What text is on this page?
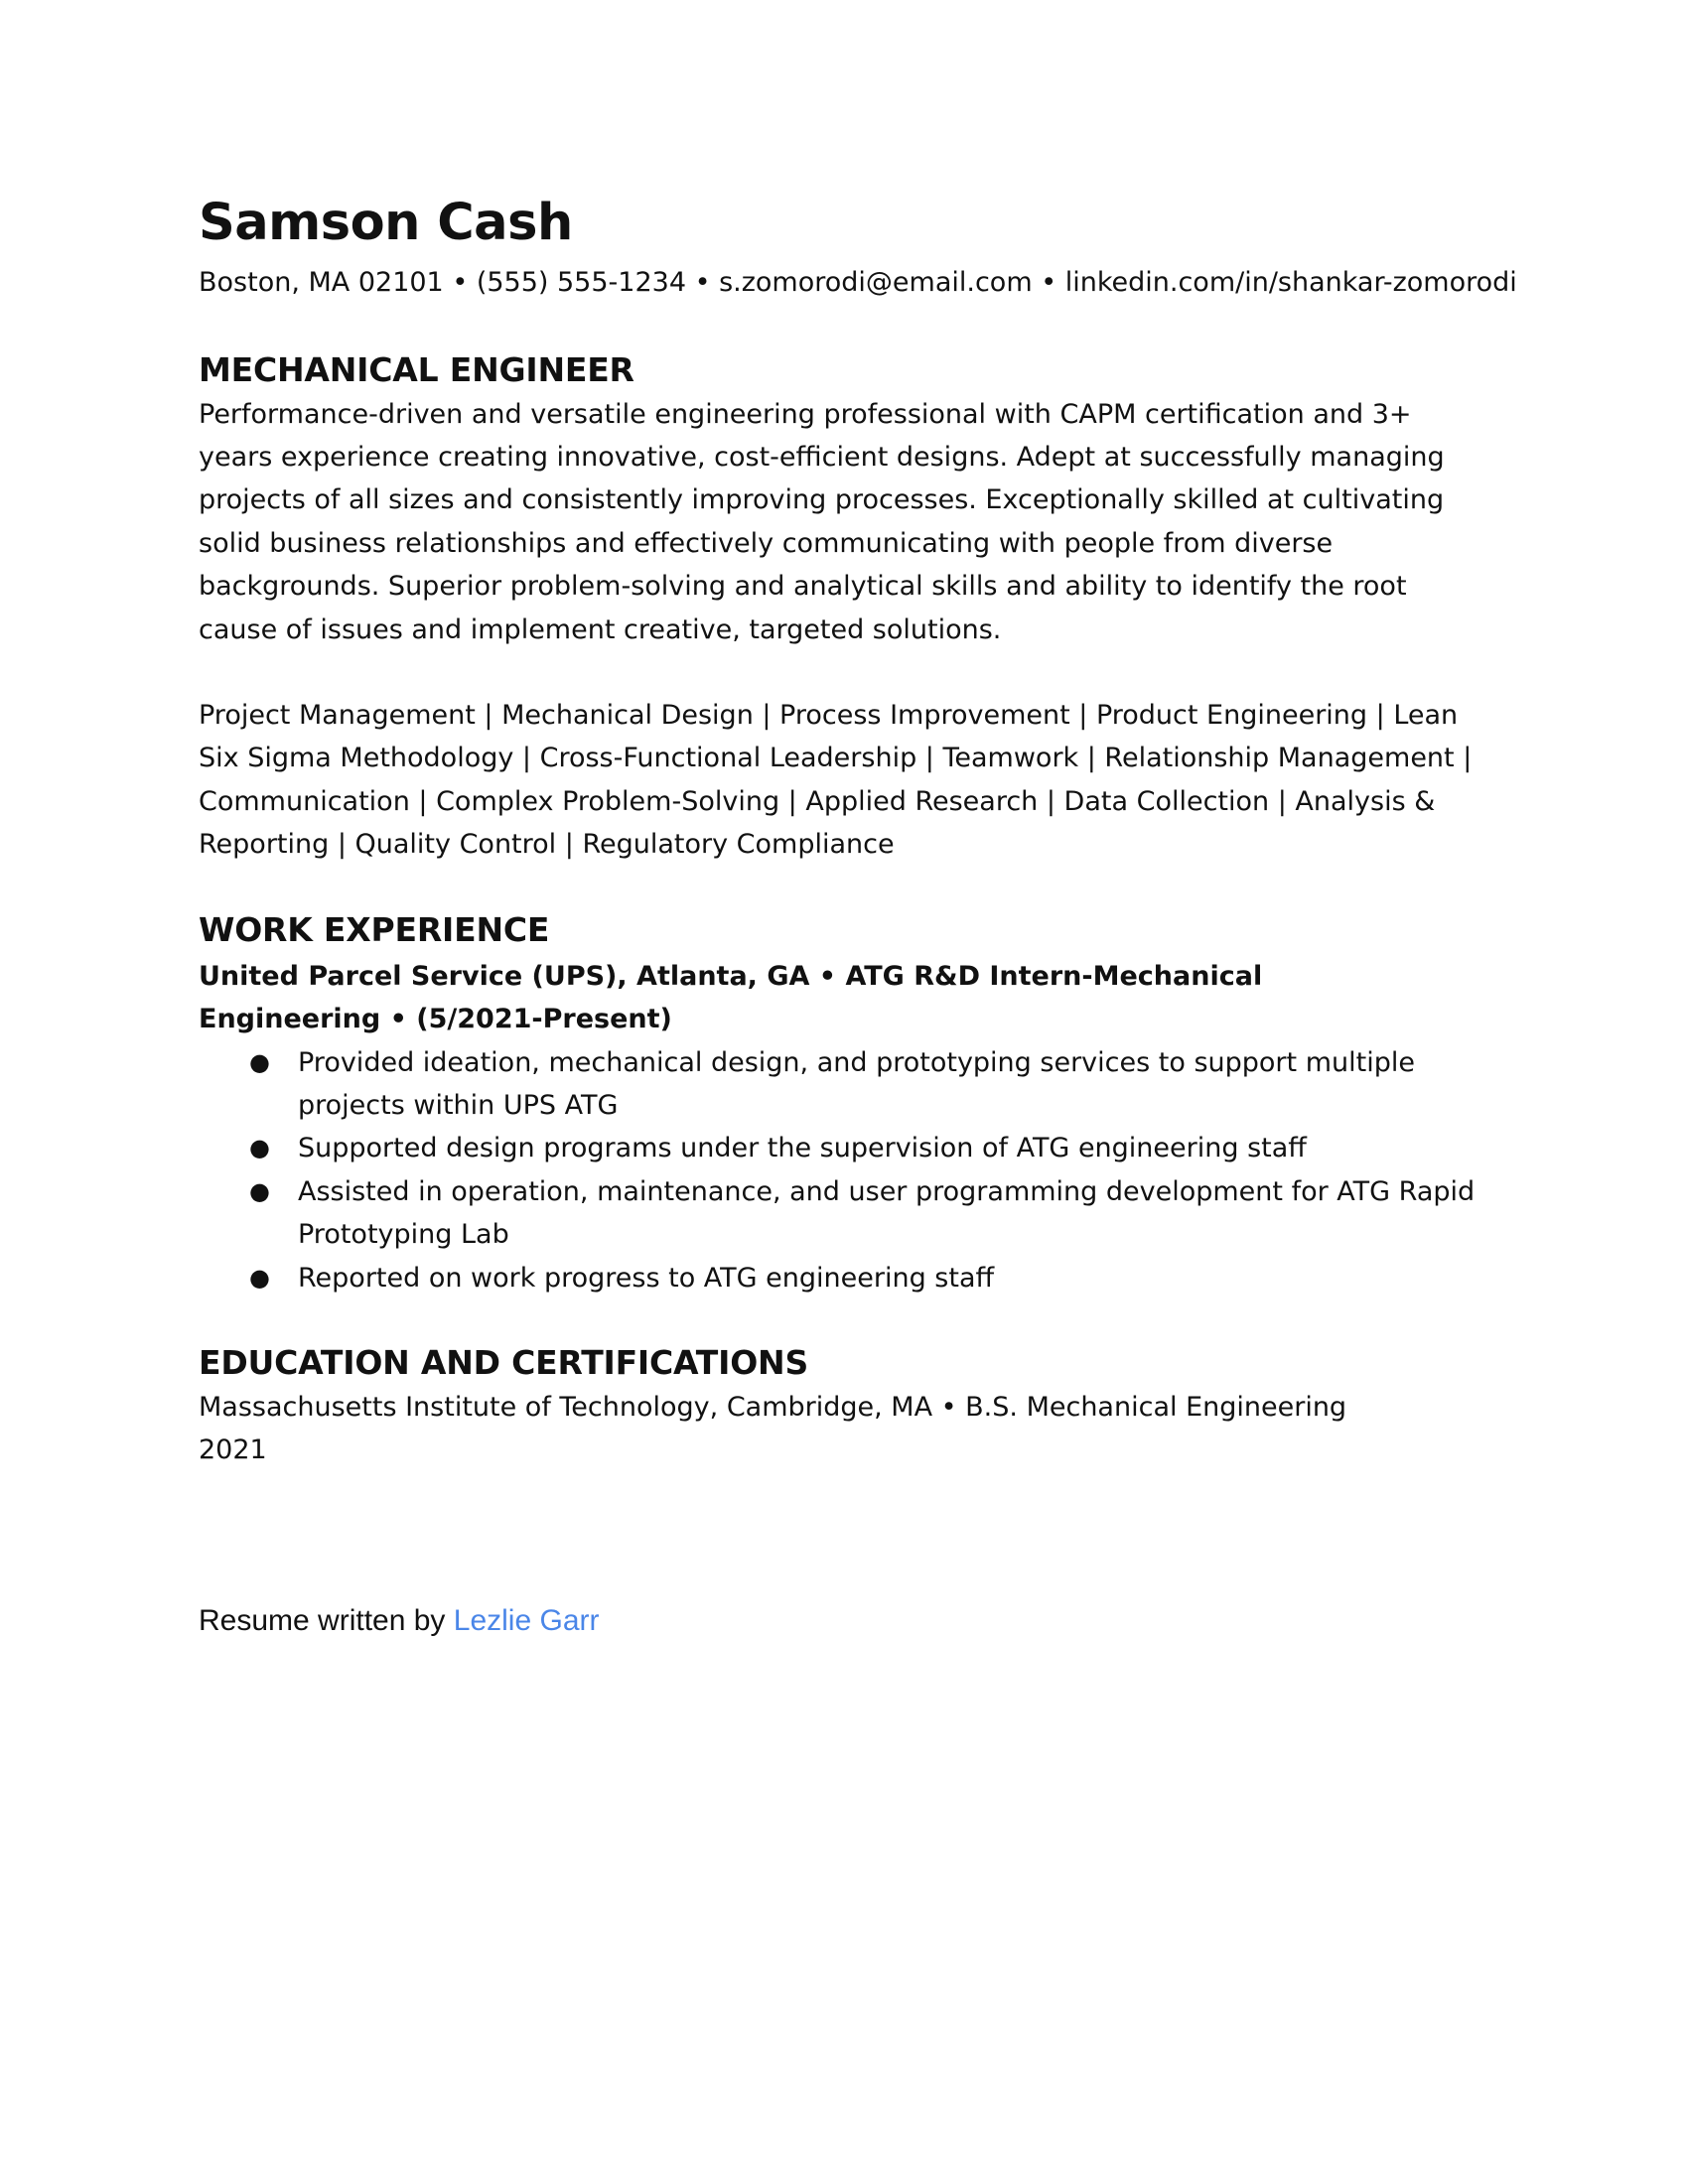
Samson Cash
Boston, MA 02101 • (555) 555-1234 • s.zomorodi@email.com • linkedin.com/in/shankar-zomorodi
MECHANICAL ENGINEER

Performance-driven and versatile engineering professional with CAPM certification and 3+ years experience creating innovative, cost-efficient designs. Adept at successfully managing projects of all sizes and consistently improving processes. Exceptionally skilled at cultivating solid business relationships and effectively communicating with people from diverse backgrounds. Superior problem-solving and analytical skills and ability to identify the root cause of issues and implement creative, targeted solutions.

Project Management | Mechanical Design | Process Improvement | Product Engineering | Lean Six Sigma Methodology | Cross-Functional Leadership | Teamwork | Relationship Management | Communication | Complex Problem-Solving | Applied Research | Data Collection | Analysis & Reporting | Quality Control | Regulatory Compliance
WORK EXPERIENCE
United Parcel Service (UPS), Atlanta, GA • ATG R&D Intern-Mechanical Engineering • (5/2021-Present)
● Provided ideation, mechanical design, and prototyping services to support multiple projects within UPS ATG
● Supported design programs under the supervision of ATG engineering staff
● Assisted in operation, maintenance, and user programming development for ATG Rapid Prototyping Lab
● Reported on work progress to ATG engineering staff
EDUCATION AND CERTIFICATIONS
Massachusetts Institute of Technology, Cambridge, MA • B.S. Mechanical Engineering
2021
Resume written by Lezlie Garr
